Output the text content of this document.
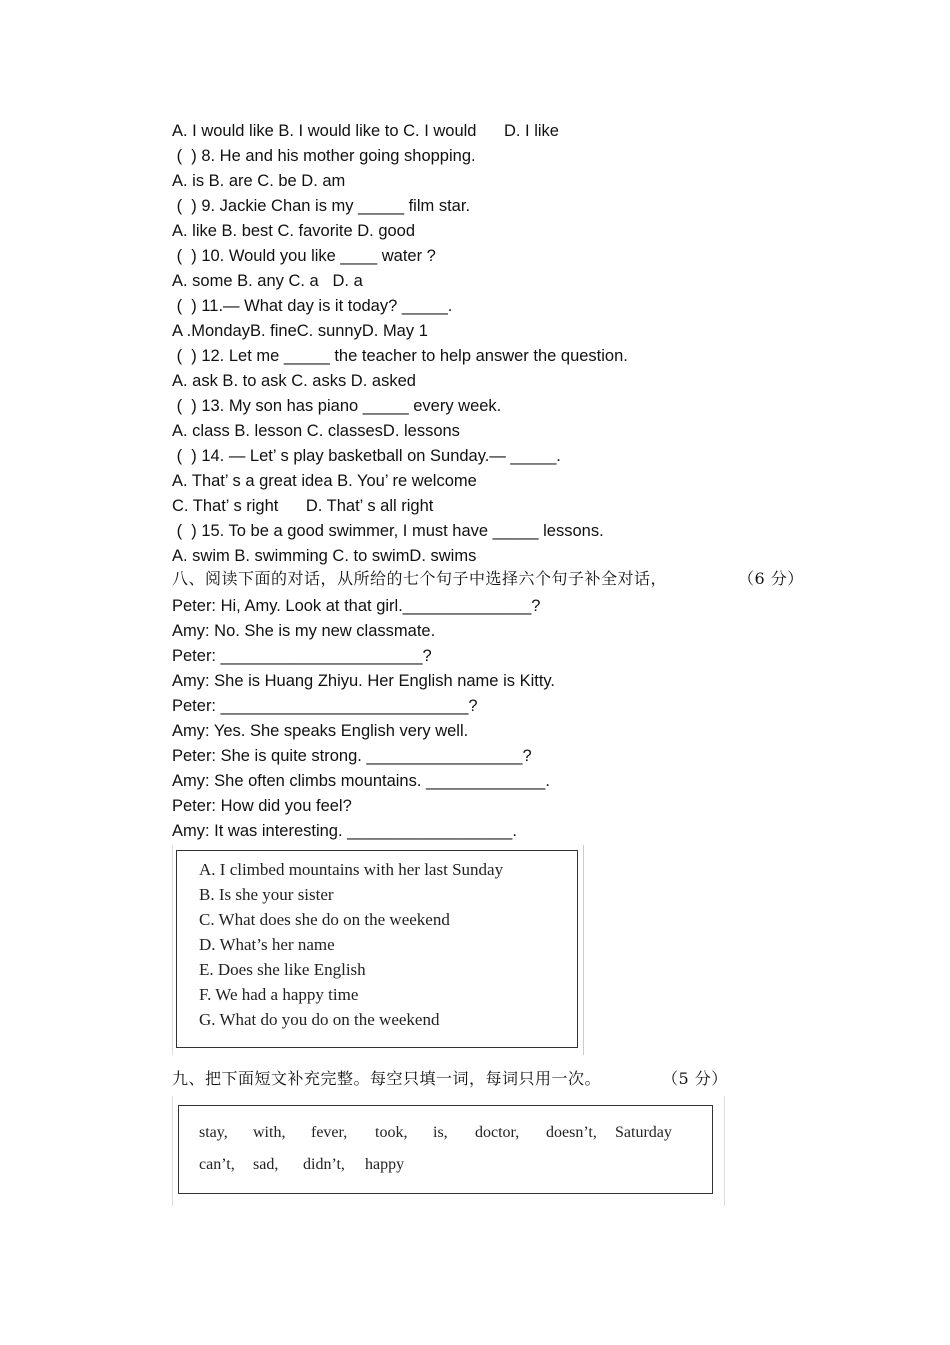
A. I would like B. I would like to C. I would      D. I like
(  ) 8. He and his mother going shopping.
A. is B. are C. be D. am
(  ) 9. Jackie Chan is my _____ film star.
A. like B. best C. favorite D. good
(  ) 10. Would you like ____ water ?
A. some B. any C. a   D. a
(  ) 11.— What day is it today? _____.
A .MondayB. fineC. sunnyD. May 1
(  ) 12. Let me _____ the teacher to help answer the question.
A. ask B. to ask C. asks D. asked
(  ) 13. My son has piano _____ every week.
A. class B. lesson C. classesD. lessons
(  ) 14. — Let’ s play basketball on Sunday.— _____.
A. That’ s a great idea B. You’ re welcome
C. That’ s right      D. That’ s all right
(  ) 15. To be a good swimmer, I must have _____ lessons.
A. swim B. swimming C. to swimD. swims
八、阅读下面的对话，从所给的七个句子中选择六个句子补全对话，	（6 分）
Peter: Hi, Amy. Look at that girl.______________?
Amy: No. She is my new classmate.
Peter: ______________________?
Amy: She is Huang Zhiyu. Her English name is Kitty.
Peter: ___________________________?
Amy: Yes. She speaks English very well.
Peter: She is quite strong. _________________?
Amy: She often climbs mountains. _____________.
Peter: How did you feel?
Amy: It was interesting. __________________.
A. I climbed mountains with her last Sunday
B. Is she your sister
C. What does she do on the weekend
D. What’s her name
E. Does she like English
F. We had a happy time
G. What do you do on the weekend
九、把下面短文补充完整。每空只填一词，每词只用一次。	（5 分）
stay, with, fever, took, is, doctor, doesn’t, Saturday
can’t, sad, didn’t, happy
